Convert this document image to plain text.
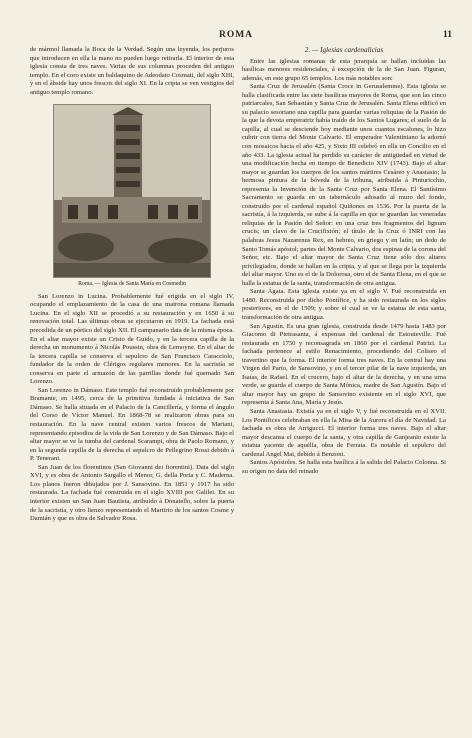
ROMA	11

de mármol llamada la Boca de la Verdad. Según una leyenda, los perjuros que introducen en ella la mano no pueden luego retirarla. El interior de esta iglesia consta de tres naves. Varias de sus columnas proceden del antiguo templo. En el coro existe un baldaquino de Adeodato Cosmati, del siglo XIII, y en el ábside hay unos frescos del siglo XI. En la cripta se ven vestigios del antiguo templo romano.

Roma. — Iglesia de Santa María en Cosmedin

San Lorenzo in Lucina. Probablemente fué erigida en el siglo IV, ocupando el emplazamiento de la casa de una matrona romana llamada Lucina. En el siglo XII se procedió a su restauración y en 1650 á su renovación total. Las últimas obras se ejecutaron en 1919. La fachada está precedida de un pórtico del siglo XII. El campanario data de la misma época. En el altar mayor existe un Cristo de Guido, y en la tercera capilla de la derecha un monumento á Nicolás Poussin, obra de Lemoyne. En el altar de la tercera capilla se conserva el sepulcro de San Francisco Caracciolo, fundador de la orden de Clérigos regulares menores. En la sacristía se conserva en parte el armazón de las parrillas donde fué quemado San Lorenzo.

San Lorenzo in Dámaso. Este templo fué reconstruido probablemente por Bramante, en 1495, cerca de la primitiva fundada á iniciativa de San Dámaso. Se halla situada en el Palacio de la Cancillería, y forma el ángulo del Corso de Víctor Manuel. En 1868-78 se realizaron obras para su restauración. En la nave central existen varios frescos de Mariani, representando episodios de la vida de San Lorenzo y de San Dámaso. Bajo el altar mayor se ve la tumba del cardenal Scarampi, obra de Paolo Romano, y en la segunda capilla de la derecha el sepulcro de Pellegrino Rossi debido á P. Tenerani.

San Juan de los florentinos (San Giovanni dei fiorentini). Data del siglo XVI, y es obra de Antonio Sargallo el Menor, G. della Porta y C. Maderna. Los planos fueron dibujados por J. Sansovino. En 1851 y 1917 ha sido restaurada. La fachada fué construida en el siglo XVIII por Galilei. En su interior existen un San Juan Bautista, atribuido á Donatello, sobre la puerta de la sacristía, y otro lienzo representando el Martirio de los santos Cosme y Damián y que es obra de Salvador Rosa.

2. — Iglesias cardenalicias

Entre las iglesias romanas de esta jerarquía se hallan incluidas las basílicas menores residenciales, á excepción de la de San Juan. Figuran, además, en este grupo 65 templos. Los más notables son:

Santa Cruz de Jerusalén (Santa Croce in Gerusalemme). Esta iglesia se halla clasificada entre las siete basílicas mayores de Roma, que son las cinco patriarcales, San Sebastián y Santa Cruz de Jerusalén. Santa Elena edificó en su palacio sesoriano una capilla para guardar varias reliquias de la Pasión de la que la devota emperatriz había traído de los Santos Lugares; el suelo de la capilla, al cual se desciende hoy mediante unos cuantos escalones, lo hizo cubrir con tierra del Monte Calvario. El emperador Valentiniano la adornó con mosaicos hacia el año 425, y Sixto III celebró en ella un Concilio en el año 433. La iglesia actual ha perdido su carácter de antigüedad en virtud de una modificación hecha en tiempo de Benedicto XIV (1743). Bajo el altar mayor se guardan los cuerpos de los santos mártires Cesáreo y Anastasio; la hermosa pintura de la bóveda de la tribuna, atribuida á Pinturicchio, representa la Invención de la Santa Cruz por Santa Elena. El Santísimo Sacramento se guarda en un tabernáculo adosado al muro del fondo, construido por el cardenal español Quiñones en 1536. Por la puerta de la sacristía, á la izquierda, se sube á la capilla en que se guardan las veneradas reliquias de la Pasión del Señor: en una cruz tres fragmentos del lignum crucis; un clavo de la Crucifixión; el título de la Cruz ó INRI con las palabras Jesus Nazarenus Rex, en hebreo, en griego y en latín; un dedo de Santo Tomás apóstol; partes del Monte Calvario, dos espinas de la corona del Señor, etc. Bajo el altar mayor de Santa Cruz tiene sólo dos altares privilegiados, donde se hallan en la cripta, y al que se llega por la izquierda del altar mayor. Uno es el de la Dolorosa, otro el de Santa Elena, en el que se halla la estatua de la santa, transformación de otra antigua.

Santa Ágata. Esta iglesia existe ya en el siglo V. Fué reconstruida en 1480. Reconstruida por dicho Pontífice, y ha sido restaurada en los siglos posteriores, en el de 1509; y sobre el cual se ve la estatua de esta santa, transformación de otra antigua.

San Agustín. Es una gran iglesia, construida desde 1479 hasta 1483 por Giacomo di Pietrasanta, á expensas del cardenal de Estouteville. Fué restaurada en 1750 y reconsagrada en 1860 por el cardenal Patrizi. La fachada pertenece al estilo Renacimiento, procediendo del Coliseo el travertino que la forma. El interior forma tres naves. En la central hay una Virgen del Parto, de Sansovino, y en el tercer pilar de la nave izquierda, un Isaías, de Rafael. En el crucero, bajo el altar de la derecha, y en una urna verde, se guarda el cuerpo de Santa Mónica, madre de San Agustín. Bajo el altar mayor hay un grupo de Sansovino existente en el siglo XVI, que representa á Santa Ana, María y Jesús.

Santa Anastasia. Existía ya en el siglo V, y fué reconstruida en el XVII. Los Pontífices celebraban en ella la Misa de la Aurora el día de Navidad. La fachada es obra de Arrigucci. El interior forma tres naves. Bajo el altar mayor descansa el cuerpo de la santa, y otra capilla de Ganjeanio existe la estatua yacente de aquélla, obra de Ferrata. Es notable el sepulcro del cardenal Angel Mai, debido á Benzoni.

Santos Apóstoles. Se halla esta basílica á la salida del Palacio Colonna. Si su origen no data del reinado
